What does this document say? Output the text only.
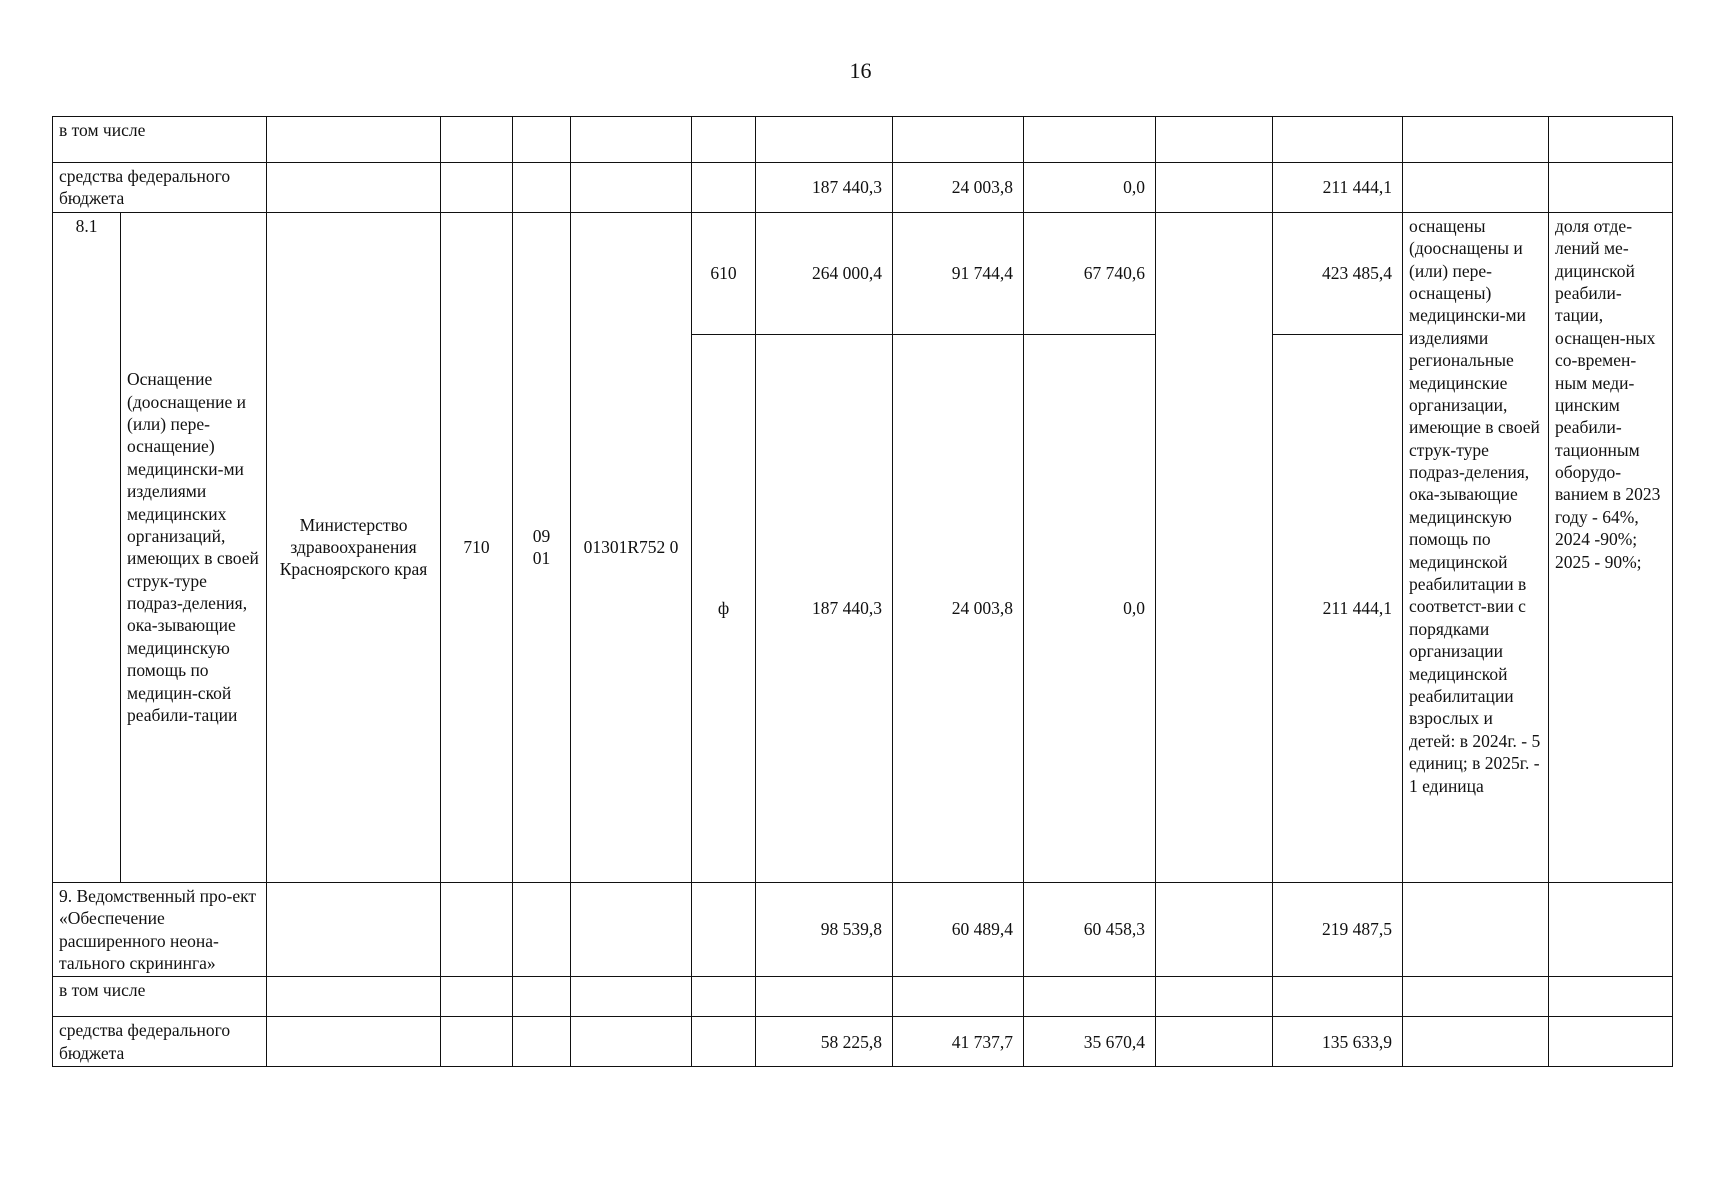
16
в том числе													
средства федерального бюджета							187 440,3	24 003,8	0,0		211 444,1		
8.1	Оснащение (дооснащение и (или) пере-оснащение) медицински-ми изделиями медицинских организаций, имеющих в своей струк-туре подраз-деления, ока-зывающие медицинскую помощь по медицин-ской реабили-тации	Министерство здравоохранения Красноярского края	710	09 01	01301R752 0	610	264 000,4	91 744,4	67 740,6		423 485,4	оснащены (дооснащены и (или) пере-оснащены) медицински-ми изделиями региональные медицинские организации, имеющие в своей струк-туре подраз-деления, ока-зывающие медицинскую помощь по медицинской реабилитации в соответст-вии с порядками организации медицинской реабилитации взрослых и детей: в 2024г. - 5 единиц; в 2025г. - 1 единица	доля отде-лений ме-дицинской реабили-тации, оснащен-ных со-времен-ным меди-цинским реабили-тационным оборудо-ванием в 2023 году - 64%, 2024 -90%; 2025 - 90%;
						ф	187 440,3	24 003,8	0,0		211 444,1		
9. Ведомственный про-ект «Обеспечение расширенного неона-тального скрининга»							98 539,8	60 489,4	60 458,3		219 487,5		
в том числе													
средства федерального бюджета							58 225,8	41 737,7	35 670,4		135 633,9		
